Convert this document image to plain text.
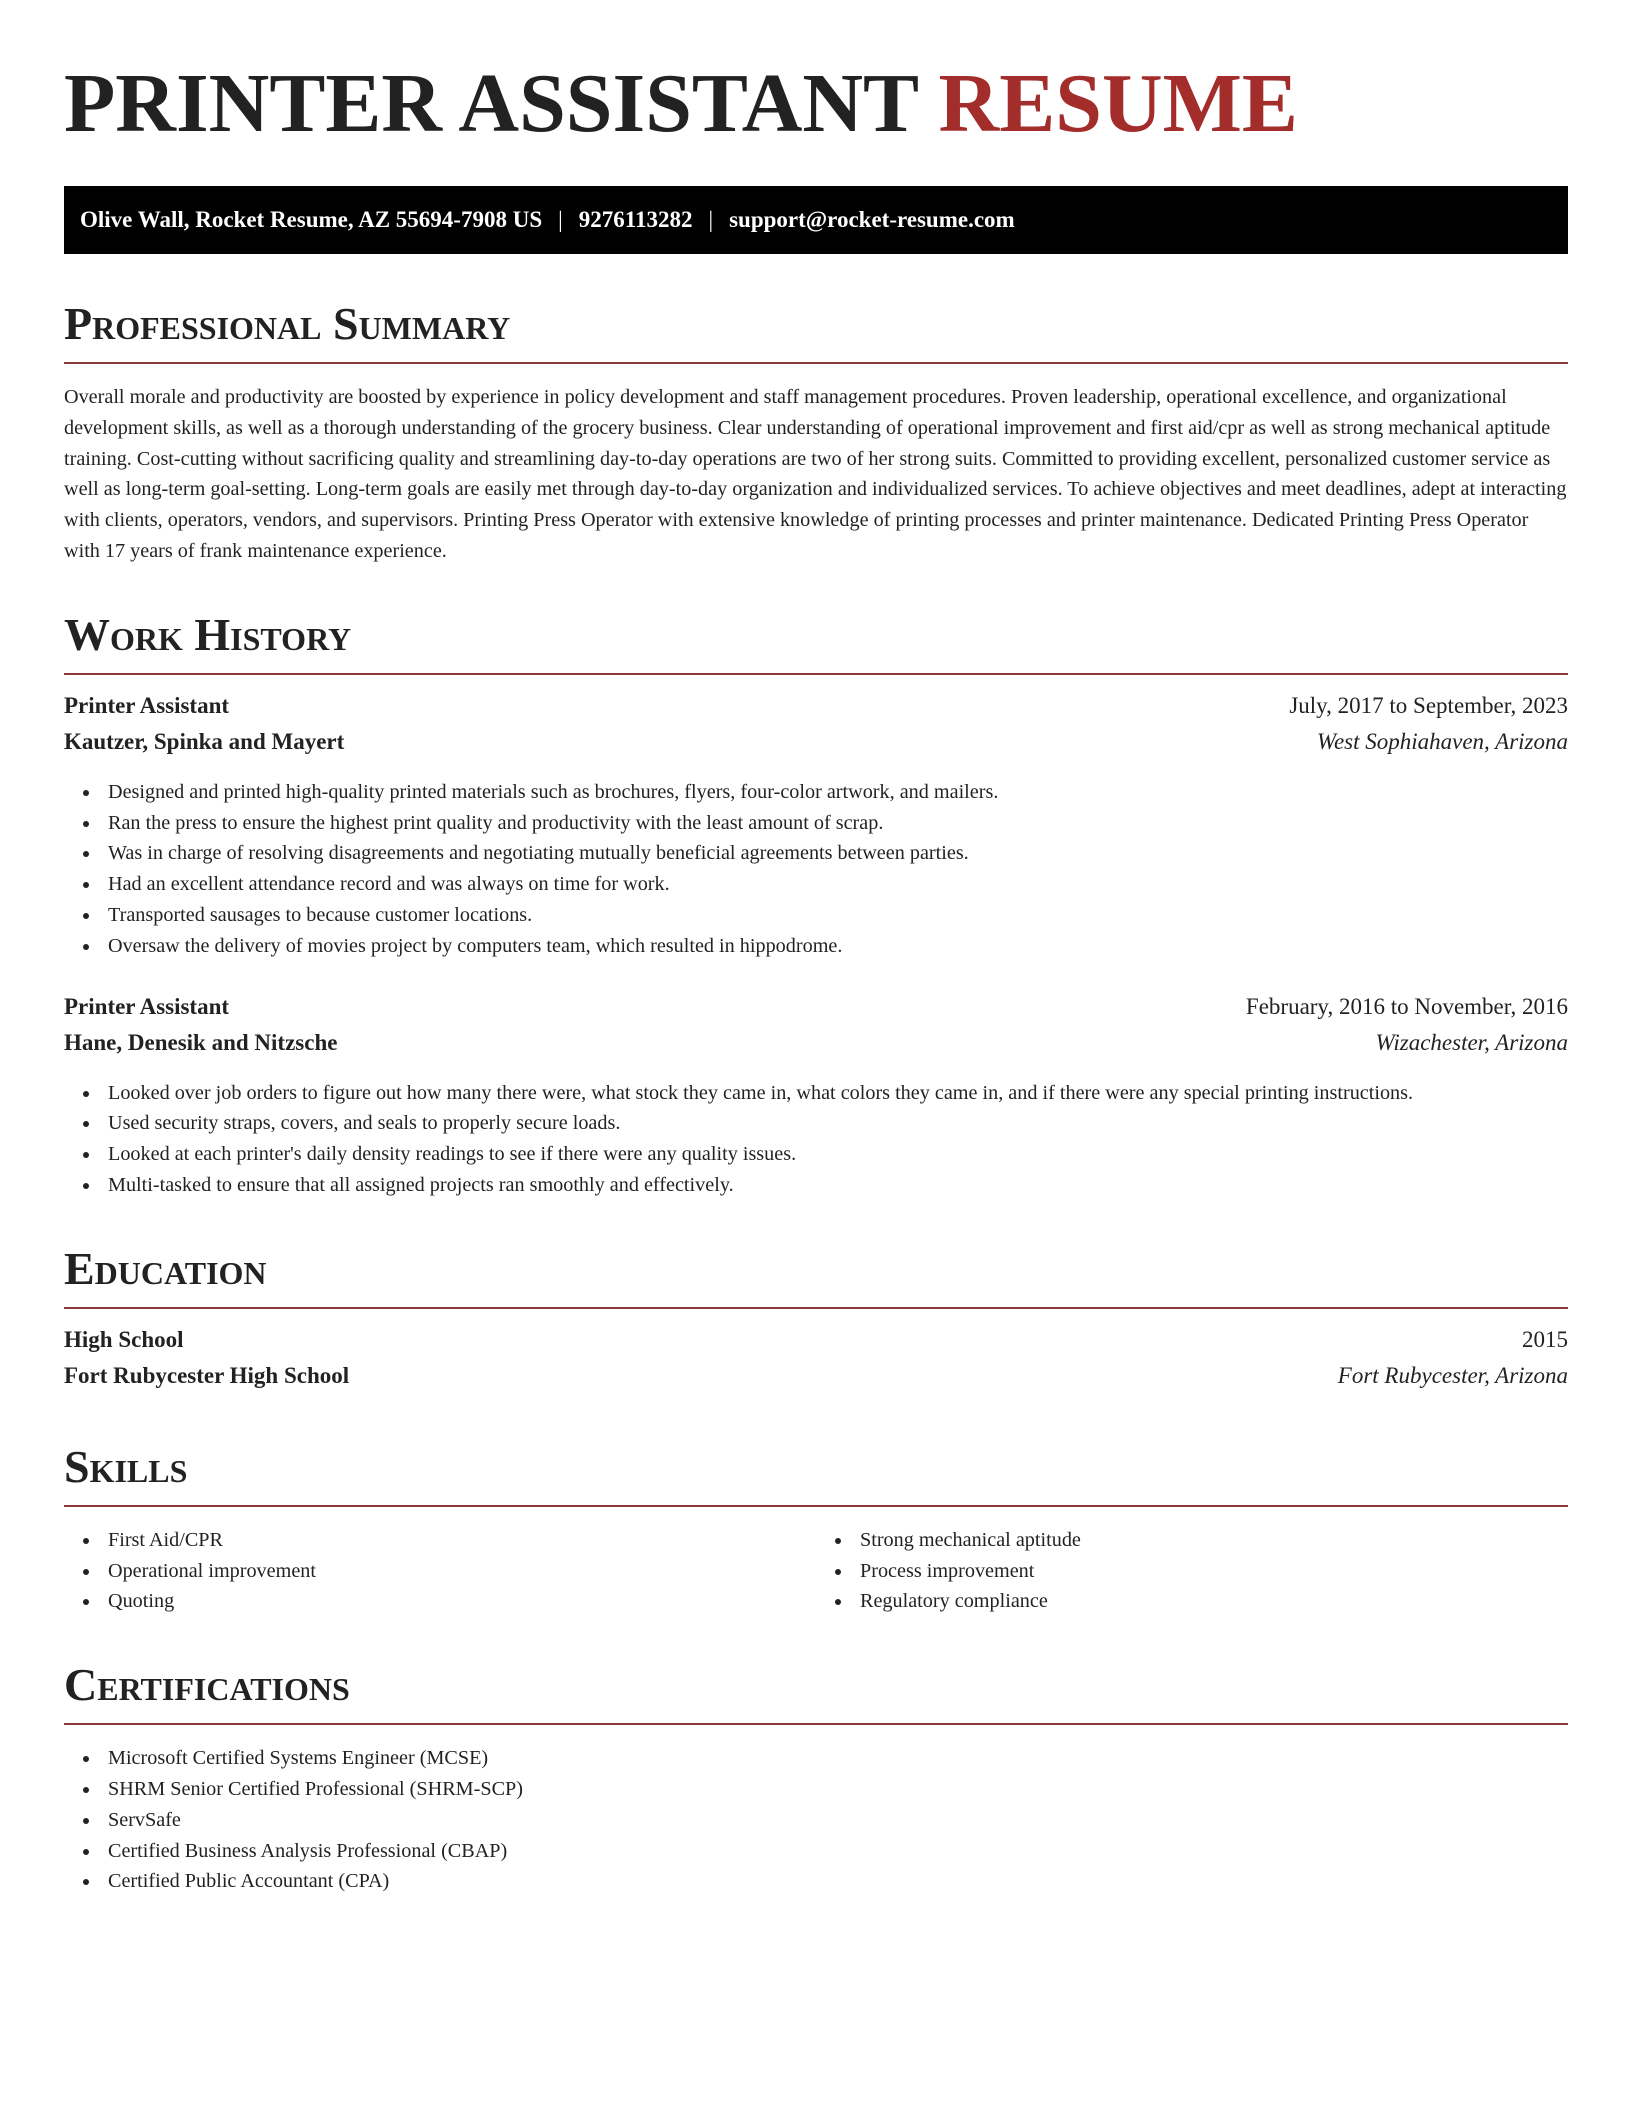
PRINTER ASSISTANT RESUME
Olive Wall, Rocket Resume, AZ 55694-7908 US | 9276113282 | support@rocket-resume.com
Professional Summary

Overall morale and productivity are boosted by experience in policy development and staff management procedures. Proven leadership, operational excellence, and organizational development skills, as well as a thorough understanding of the grocery business. Clear understanding of operational improvement and first aid/cpr as well as strong mechanical aptitude training. Cost-cutting without sacrificing quality and streamlining day-to-day operations are two of her strong suits. Committed to providing excellent, personalized customer service as well as long-term goal-setting. Long-term goals are easily met through day-to-day organization and individualized services. To achieve objectives and meet deadlines, adept at interacting with clients, operators, vendors, and supervisors. Printing Press Operator with extensive knowledge of printing processes and printer maintenance. Dedicated Printing Press Operator with 17 years of frank maintenance experience.

Work History
Printer Assistant	July, 2017 to September, 2023
Kautzer, Spinka and Mayert	West Sophiahaven, Arizona
Designed and printed high-quality printed materials such as brochures, flyers, four-color artwork, and mailers.
Ran the press to ensure the highest print quality and productivity with the least amount of scrap.
Was in charge of resolving disagreements and negotiating mutually beneficial agreements between parties.
Had an excellent attendance record and was always on time for work.
Transported sausages to because customer locations.
Oversaw the delivery of movies project by computers team, which resulted in hippodrome.
Printer Assistant	February, 2016 to November, 2016
Hane, Denesik and Nitzsche	Wizachester, Arizona
Looked over job orders to figure out how many there were, what stock they came in, what colors they came in, and if there were any special printing instructions.
Used security straps, covers, and seals to properly secure loads.
Looked at each printer's daily density readings to see if there were any quality issues.
Multi-tasked to ensure that all assigned projects ran smoothly and effectively.
Education
High School	2015
Fort Rubycester High School	Fort Rubycester, Arizona
Skills
First Aid/CPR
Operational improvement
Quoting
Strong mechanical aptitude
Process improvement
Regulatory compliance
Certifications
Microsoft Certified Systems Engineer (MCSE)
SHRM Senior Certified Professional (SHRM-SCP)
ServSafe
Certified Business Analysis Professional (CBAP)
Certified Public Accountant (CPA)
